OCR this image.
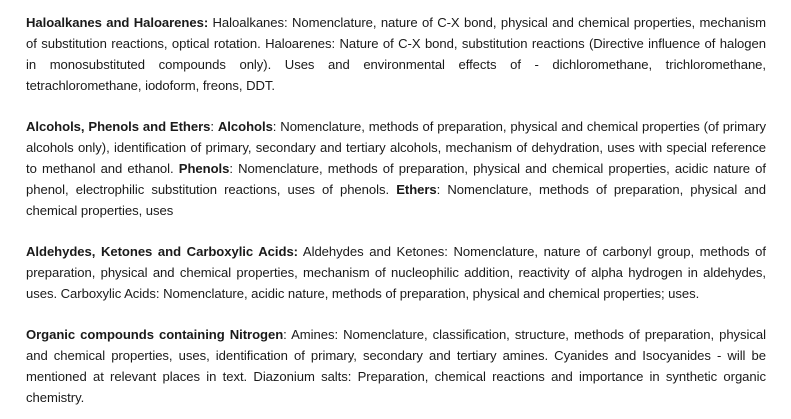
Haloalkanes and Haloarenes: Haloalkanes: Nomenclature, nature of C-X bond, physical and chemical properties, mechanism of substitution reactions, optical rotation. Haloarenes: Nature of C-X bond, substitution reactions (Directive influence of halogen in monosubstituted compounds only). Uses and environmental effects of - dichloromethane, trichloromethane, tetrachloromethane, iodoform, freons, DDT.

Alcohols, Phenols and Ethers: Alcohols: Nomenclature, methods of preparation, physical and chemical properties (of primary alcohols only), identification of primary, secondary and tertiary alcohols, mechanism of dehydration, uses with special reference to methanol and ethanol. Phenols: Nomenclature, methods of preparation, physical and chemical properties, acidic nature of phenol, electrophilic substitution reactions, uses of phenols. Ethers: Nomenclature, methods of preparation, physical and chemical properties, uses

Aldehydes, Ketones and Carboxylic Acids: Aldehydes and Ketones: Nomenclature, nature of carbonyl group, methods of preparation, physical and chemical properties, mechanism of nucleophilic addition, reactivity of alpha hydrogen in aldehydes, uses. Carboxylic Acids: Nomenclature, acidic nature, methods of preparation, physical and chemical properties; uses.

Organic compounds containing Nitrogen: Amines: Nomenclature, classification, structure, methods of preparation, physical and chemical properties, uses, identification of primary, secondary and tertiary amines. Cyanides and Isocyanides - will be mentioned at relevant places in text. Diazonium salts: Preparation, chemical reactions and importance in synthetic organic chemistry.
